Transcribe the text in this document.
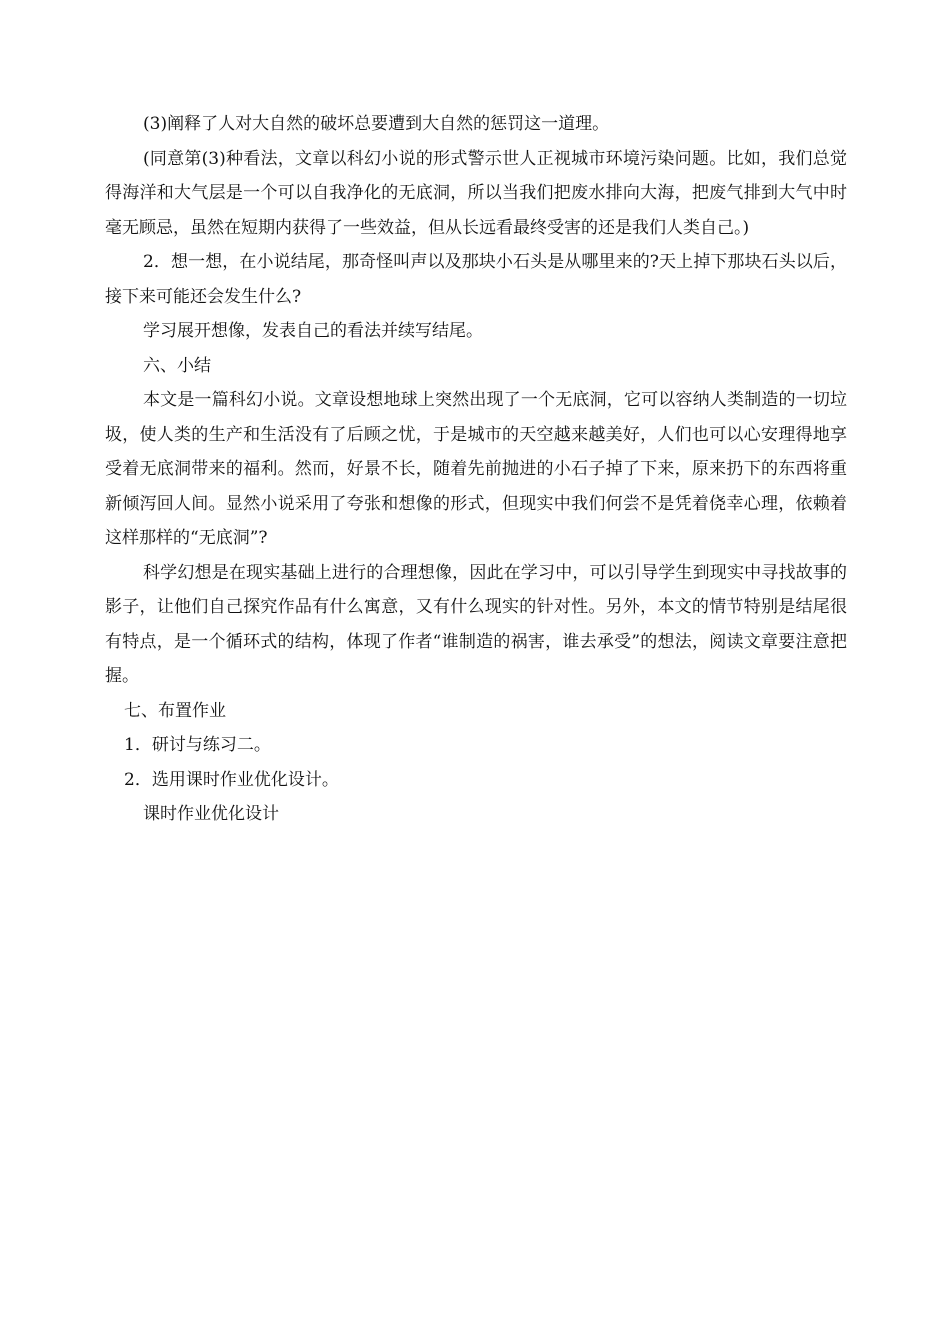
(3)阐释了人对大自然的破坏总要遭到大自然的惩罚这一道理。

(同意第(3)种看法，文章以科幻小说的形式警示世人正视城市环境污染问题。比如，我们总觉得海洋和大气层是一个可以自我净化的无底洞，所以当我们把废水排向大海，把废气排到大气中时毫无顾忌，虽然在短期内获得了一些效益，但从长远看最终受害的还是我们人类自己。)

2．想一想，在小说结尾，那奇怪叫声以及那块小石头是从哪里来的?天上掉下那块石头以后，接下来可能还会发生什么?

学习展开想像，发表自己的看法并续写结尾。

六、小结

本文是一篇科幻小说。文章设想地球上突然出现了一个无底洞，它可以容纳人类制造的一切垃圾，使人类的生产和生活没有了后顾之忧，于是城市的天空越来越美好，人们也可以心安理得地享受着无底洞带来的福利。然而，好景不长，随着先前抛进的小石子掉了下来，原来扔下的东西将重新倾泻回人间。显然小说采用了夸张和想像的形式，但现实中我们何尝不是凭着侥幸心理，依赖着这样那样的“无底洞”?

科学幻想是在现实基础上进行的合理想像，因此在学习中，可以引导学生到现实中寻找故事的影子，让他们自己探究作品有什么寓意，又有什么现实的针对性。另外，本文的情节特别是结尾很有特点，是一个循环式的结构，体现了作者“谁制造的祸害，谁去承受”的想法，阅读文章要注意把握。

七、布置作业

1．研讨与练习二。

2．选用课时作业优化设计。

课时作业优化设计
